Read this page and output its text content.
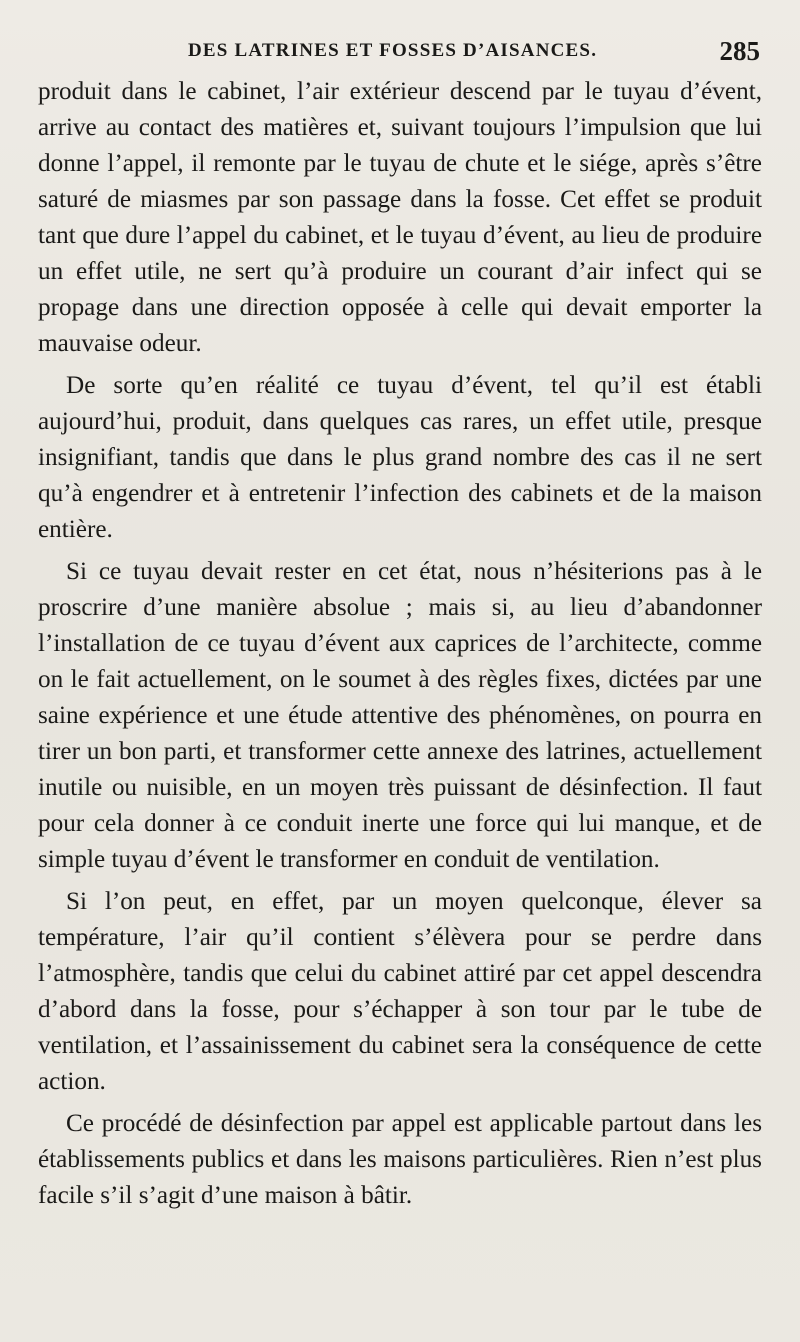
DES LATRINES ET FOSSES D’AISANCES.	285

produit dans le cabinet, l’air extérieur descend par le tuyau d’évent, arrive au contact des matières et, suivant toujours l’impulsion que lui donne l’appel, il remonte par le tuyau de chute et le siége, après s’être saturé de miasmes par son passage dans la fosse. Cet effet se produit tant que dure l’appel du cabinet, et le tuyau d’évent, au lieu de produire un effet utile, ne sert qu’à produire un courant d’air infect qui se propage dans une direction opposée à celle qui devait emporter la mauvaise odeur.

De sorte qu’en réalité ce tuyau d’évent, tel qu’il est établi aujourd’hui, produit, dans quelques cas rares, un effet utile, presque insignifiant, tandis que dans le plus grand nombre des cas il ne sert qu’à engendrer et à entretenir l’infection des cabinets et de la maison entière.

Si ce tuyau devait rester en cet état, nous n’hésiterions pas à le proscrire d’une manière absolue ; mais si, au lieu d’abandonner l’installation de ce tuyau d’évent aux caprices de l’architecte, comme on le fait actuellement, on le soumet à des règles fixes, dictées par une saine expérience et une étude attentive des phénomènes, on pourra en tirer un bon parti, et transformer cette annexe des latrines, actuellement inutile ou nuisible, en un moyen très puissant de désinfection. Il faut pour cela donner à ce conduit inerte une force qui lui manque, et de simple tuyau d’évent le transformer en conduit de ventilation.

Si l’on peut, en effet, par un moyen quelconque, élever sa température, l’air qu’il contient s’élèvera pour se perdre dans l’atmosphère, tandis que celui du cabinet attiré par cet appel descendra d’abord dans la fosse, pour s’échapper à son tour par le tube de ventilation, et l’assainissement du cabinet sera la conséquence de cette action.

Ce procédé de désinfection par appel est applicable partout dans les établissements publics et dans les maisons particulières. Rien n’est plus facile s’il s’agit d’une maison à bâtir.
